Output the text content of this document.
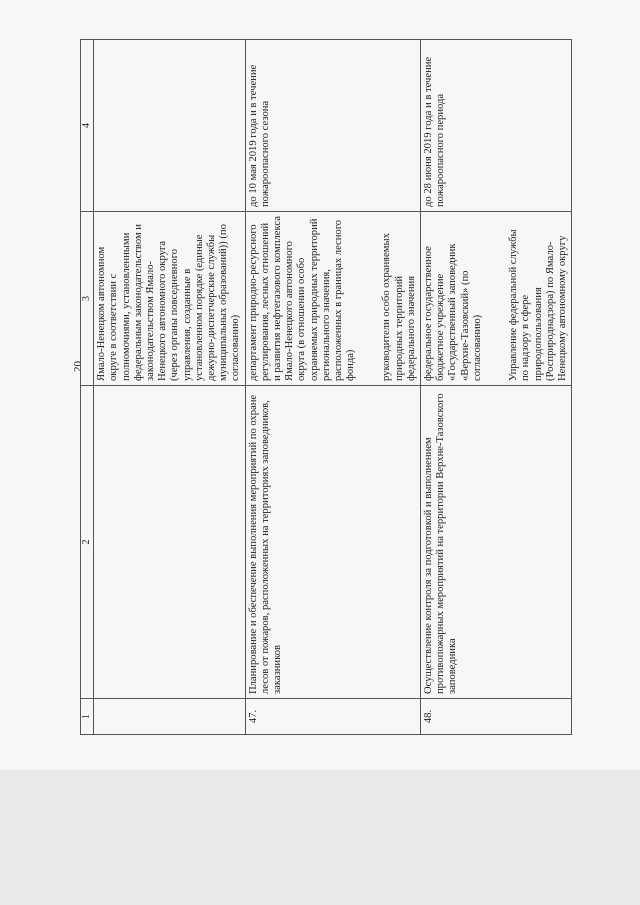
20
1	2	3	4
		Ямало-Ненецком автономном округе в соответствии с полномочиями, установленными федеральным законодательством и законодательством Ямало-Ненецкого автономного округа (через органы повседневного управления, созданные в установленном порядке (единые дежурно-диспетчерские службы муниципальных образований)) (по согласованию)	
47.	Планирование и обеспечение выполнения мероприятий по охране лесов от пожаров, расположенных на территориях заповедников, заказников	департамент природно-ресурсного регулирования, лесных отношений и развития нефтегазового комплекса Ямало-Ненецкого автономного округа (в отношении особо охраняемых природных территорий регионального значения, расположенных в границах лесного фонда) руководители особо охраняемых природных территорий федерального значения	до 10 мая 2019 года и в течение пожароопасного сезона
48.	Осуществление контроля за подготовкой и выполнением противопожарных мероприятий на территории Верхне-Тазовского заповедника	федеральное государственное бюджетное учреждение «Государственный заповедник «Верхне-Тазовский» (по согласованию) Управление федеральной службы по надзору в сфере природопользования (Росприроднадзора) по Ямало-Ненецкому автономному округу	до 28 июня 2019 года и в течение пожароопасного периода
